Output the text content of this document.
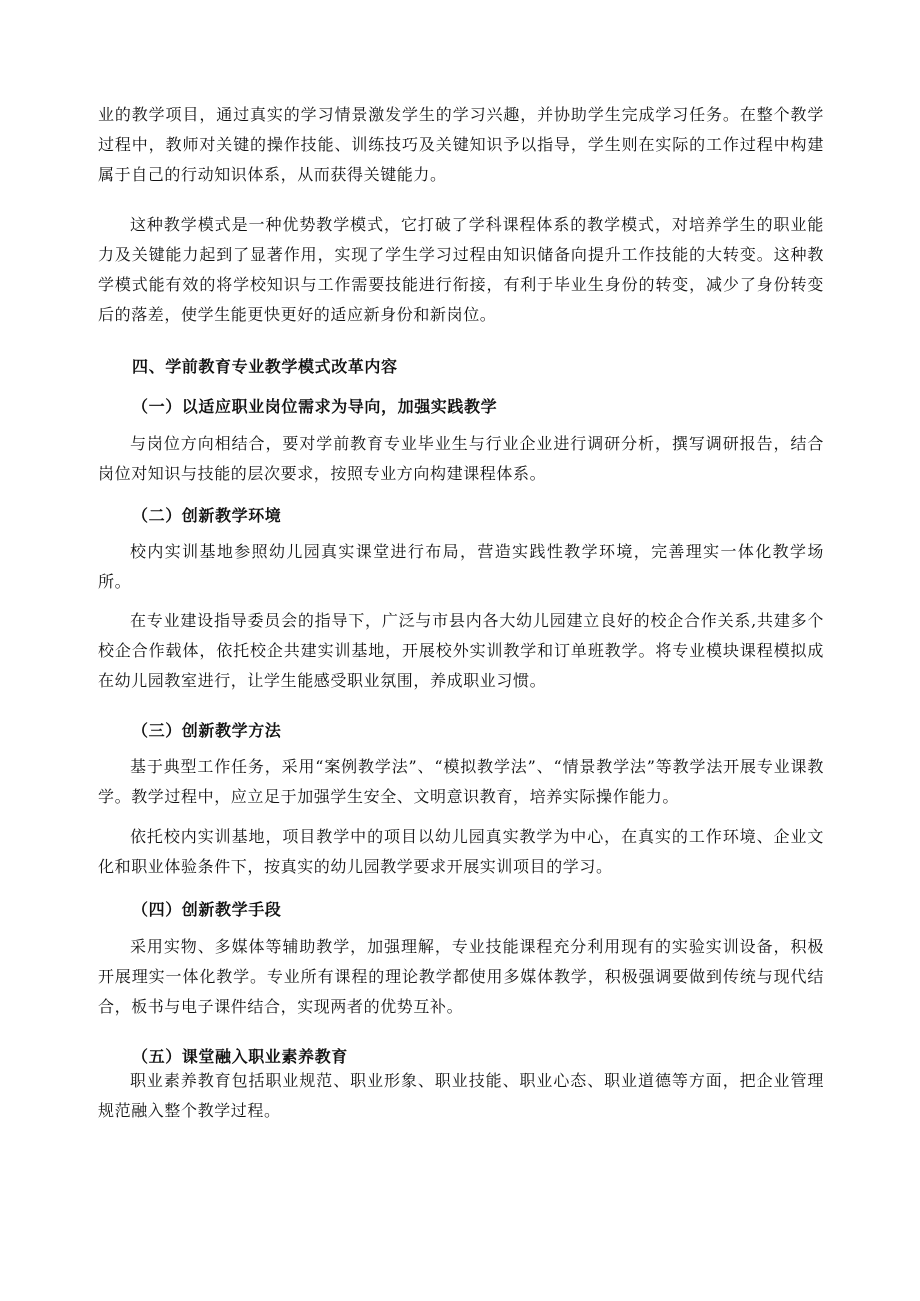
业的教学项目，通过真实的学习情景激发学生的学习兴趣，并协助学生完成学习任务。在整个教学过程中，教师对关键的操作技能、训练技巧及关键知识予以指导，学生则在实际的工作过程中构建属于自己的行动知识体系，从而获得关键能力。

这种教学模式是一种优势教学模式，它打破了学科课程体系的教学模式，对培养学生的职业能力及关键能力起到了显著作用，实现了学生学习过程由知识储备向提升工作技能的大转变。这种教学模式能有效的将学校知识与工作需要技能进行衔接，有利于毕业生身份的转变，减少了身份转变后的落差，使学生能更快更好的适应新身份和新岗位。

四、学前教育专业教学模式改革内容
（一）以适应职业岗位需求为导向，加强实践教学

与岗位方向相结合，要对学前教育专业毕业生与行业企业进行调研分析，撰写调研报告，结合岗位对知识与技能的层次要求，按照专业方向构建课程体系。

（二）创新教学环境

校内实训基地参照幼儿园真实课堂进行布局，营造实践性教学环境，完善理实一体化教学场所。

在专业建设指导委员会的指导下，广泛与市县内各大幼儿园建立良好的校企合作关系,共建多个校企合作载体，依托校企共建实训基地，开展校外实训教学和订单班教学。将专业模块课程模拟成在幼儿园教室进行，让学生能感受职业氛围，养成职业习惯。

（三）创新教学方法

基于典型工作任务，采用“案例教学法”、“模拟教学法”、“情景教学法”等教学法开展专业课教学。教学过程中，应立足于加强学生安全、文明意识教育，培养实际操作能力。

依托校内实训基地，项目教学中的项目以幼儿园真实教学为中心，在真实的工作环境、企业文化和职业体验条件下，按真实的幼儿园教学要求开展实训项目的学习。

（四）创新教学手段

采用实物、多媒体等辅助教学，加强理解，专业技能课程充分利用现有的实验实训设备，积极开展理实一体化教学。专业所有课程的理论教学都使用多媒体教学，积极强调要做到传统与现代结合，板书与电子课件结合，实现两者的优势互补。

（五）课堂融入职业素养教育

职业素养教育包括职业规范、职业形象、职业技能、职业心态、职业道德等方面，把企业管理规范融入整个教学过程。
